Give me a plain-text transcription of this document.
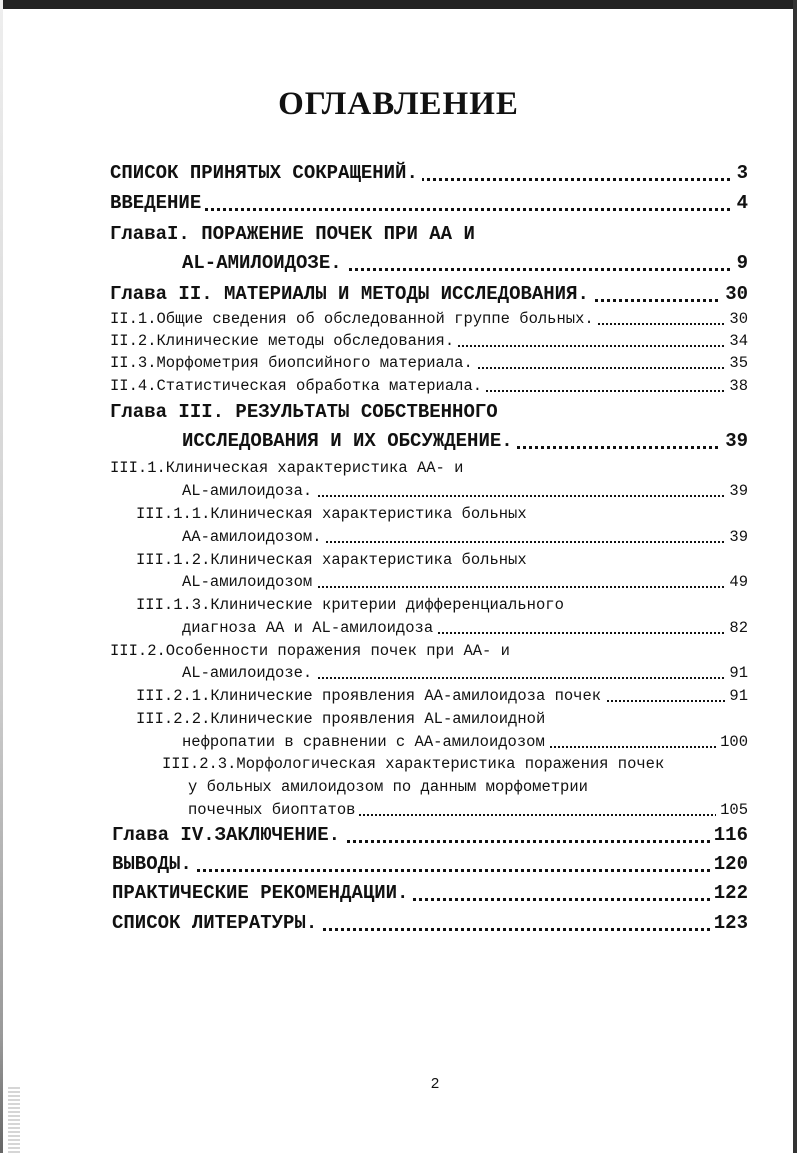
ОГЛАВЛЕНИЕ
СПИСОК ПРИНЯТЫХ СОКРАЩЕНИЙ.	3
ВВЕДЕНИЕ	4
ГлаваI. ПОРАЖЕНИЕ ПОЧЕК ПРИ АА И
AL-АМИЛОИДОЗЕ.	9
Глава II. МАТЕРИАЛЫ И МЕТОДЫ ИССЛЕДОВАНИЯ.	30
II.1.Общие сведения об обследованной группе больных.	30
II.2.Клинические методы обследования.	34
II.3.Морфометрия биопсийного материала.	35
II.4.Статистическая обработка материала.	38
Глава III. РЕЗУЛЬТАТЫ СОБСТВЕННОГО
ИССЛЕДОВАНИЯ И ИХ ОБСУЖДЕНИЕ.	39
III.1.Клиническая характеристика АА- и
AL-амилоидоза.	39
III.1.1.Клиническая характеристика больных
АА-амилоидозом.	39
III.1.2.Клиническая характеристика больных
AL-амилоидозом	49
III.1.3.Клинические критерии дифференциального
диагноза АА и AL-амилоидоза	82
III.2.Особенности поражения почек при АА- и
AL-амилоидозе.	91
III.2.1.Клинические проявления АА-амилоидоза почек	91
III.2.2.Клинические проявления AL-амилоидной
нефропатии в сравнении с АА-амилоидозом	100
III.2.3.Морфологическая характеристика поражения почек
у больных амилоидозом по данным морфометрии
почечных биоптатов	105
Глава IV.ЗАКЛЮЧЕНИЕ.	116
ВЫВОДЫ.	120
ПРАКТИЧЕСКИЕ РЕКОМЕНДАЦИИ.	122
СПИСОК ЛИТЕРАТУРЫ.	123
2
